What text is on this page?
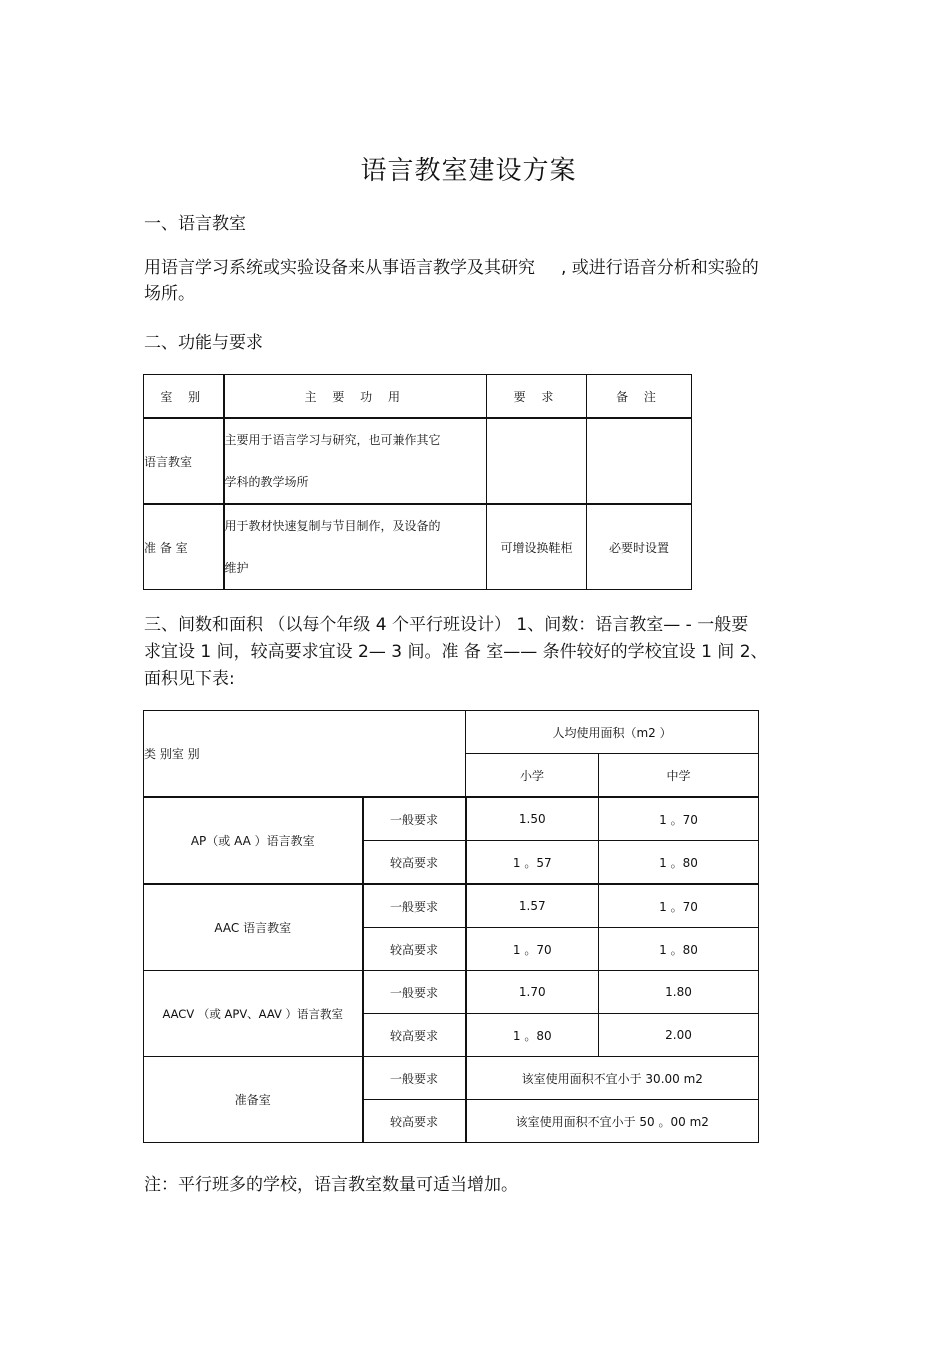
语言教室建设方案
一、语言教室
用语言学习系统或实验设备来从事语言教学及其研究 , 或进行语音分析和实验的
场所。
二、功能与要求
室 别	主 要 功 用	要 求	备 注
语言教室	主要用于语言学习与研究，也可兼作其它
学科的教学场所		

准 备 室	用于教材快速复制与节目制作，及设备的
维护	可增设换鞋柜	必要时设置
三、间数和面积 （以每个年级 4 个平行班设计） 1、间数：语言教室— - 一般要
求宜设 1 间，较高要求宜设 2— 3 间。准 备 室—— 条件较好的学校宜设 1 间 2、
面积见下表:
类 别室 别		人均使用面积（m2 ）	
		小学	中学
AP（或 AA ）语言教室	一般要求	1.50	1 。70
	较高要求	1 。57	1 。80
AAC 语言教室	一般要求	1.57	1 。70
	较高要求	1 。70	1 。80
AACV （或 APV、AAV ）语言教室	一般要求	1.70	1.80
	较高要求	1 。80	2.00
准备室	一般要求	该室使用面积不宜小于 30.00 m2	
	较高要求	该室使用面积不宜小于 50 。00 m2	
注：平行班多的学校，语言教室数量可适当增加。
